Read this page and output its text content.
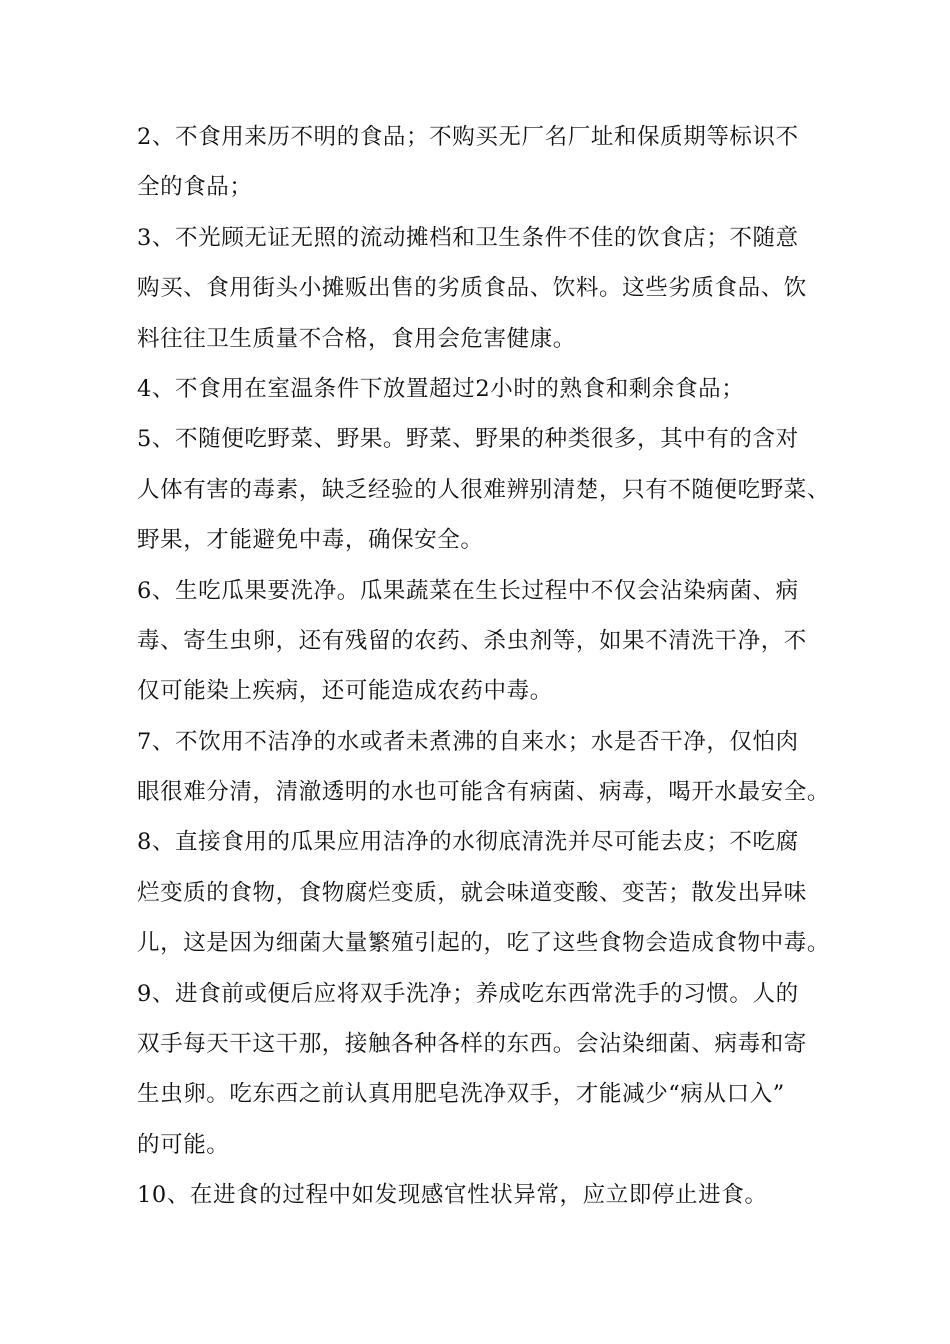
2、不食用来历不明的食品；不购买无厂名厂址和保质期等标识不
全的食品；
3、不光顾无证无照的流动摊档和卫生条件不佳的饮食店；不随意
购买、食用街头小摊贩出售的劣质食品、饮料。这些劣质食品、饮
料往往卫生质量不合格，食用会危害健康。
4、不食用在室温条件下放置超过2小时的熟食和剩余食品；
5、不随便吃野菜、野果。野菜、野果的种类很多，其中有的含对
人体有害的毒素，缺乏经验的人很难辨别清楚，只有不随便吃野菜、
野果，才能避免中毒，确保安全。
6、生吃瓜果要洗净。瓜果蔬菜在生长过程中不仅会沾染病菌、病
毒、寄生虫卵，还有残留的农药、杀虫剂等，如果不清洗干净，不
仅可能染上疾病，还可能造成农药中毒。
7、不饮用不洁净的水或者未煮沸的自来水；水是否干净，仅怕肉
眼很难分清，清澈透明的水也可能含有病菌、病毒，喝开水最安全。
8、直接食用的瓜果应用洁净的水彻底清洗并尽可能去皮；不吃腐
烂变质的食物，食物腐烂变质，就会味道变酸、变苦；散发出异味
儿，这是因为细菌大量繁殖引起的，吃了这些食物会造成食物中毒。
9、进食前或便后应将双手洗净；养成吃东西常洗手的习惯。人的
双手每天干这干那，接触各种各样的东西。会沾染细菌、病毒和寄
生虫卵。吃东西之前认真用肥皂洗净双手，才能减少“病从口入”
的可能。
10、在进食的过程中如发现感官性状异常，应立即停止进食。
